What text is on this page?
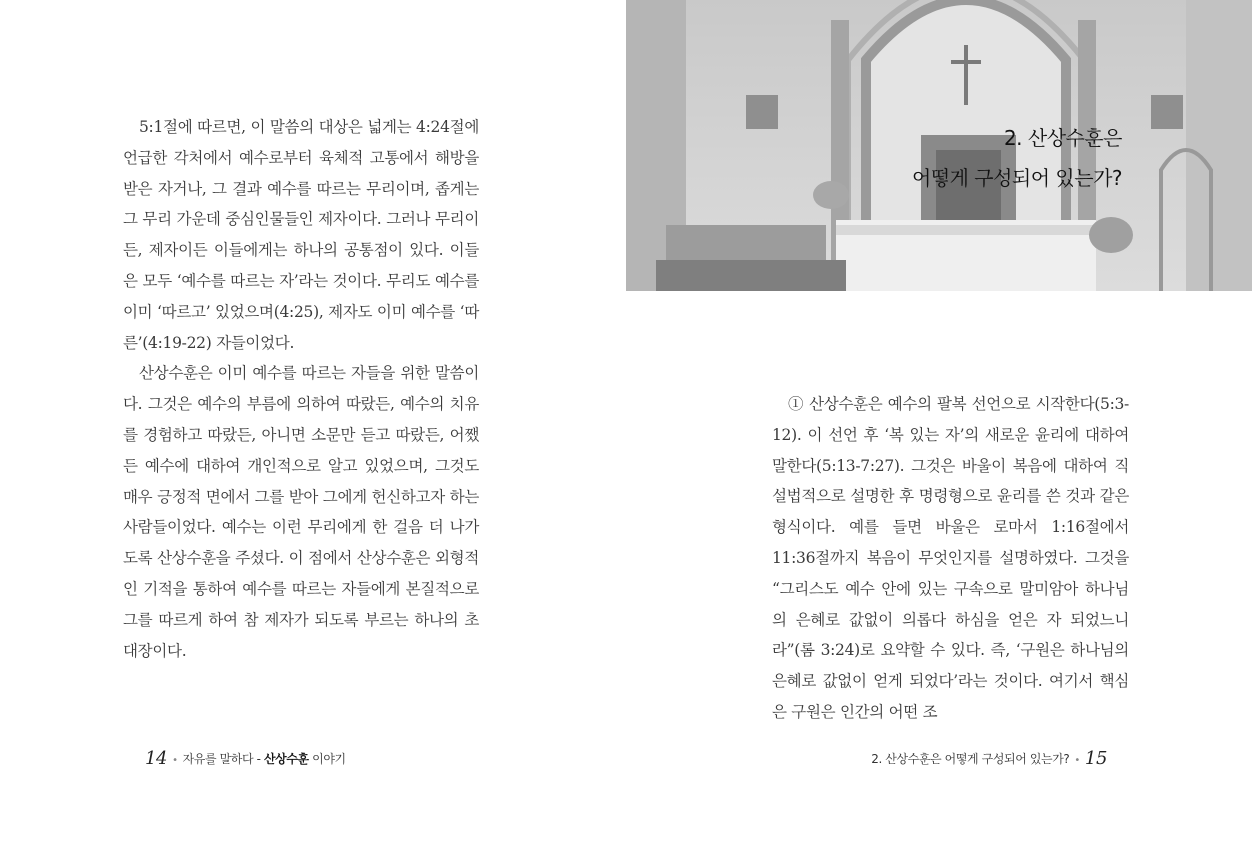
5:1절에 따르면, 이 말씀의 대상은 넓게는 4:24절에 언급한 각처에서 예수로부터 육체적 고통에서 해방을 받은 자거나, 그 결과 예수를 따르는 무리이며, 좁게는 그 무리 가운데 중심인물들인 제자이다. 그러나 무리이든, 제자이든 이들에게는 하나의 공통점이 있다. 이들은 모두 ‘예수를 따르는 자’라는 것이다. 무리도 예수를 이미 ‘따르고’ 있었으며(4:25), 제자도 이미 예수를 ‘따른’(4:19-22) 자들이었다.

산상수훈은 이미 예수를 따르는 자들을 위한 말씀이다. 그것은 예수의 부름에 의하여 따랐든, 예수의 치유를 경험하고 따랐든, 아니면 소문만 듣고 따랐든, 어쨌든 예수에 대하여 개인적으로 알고 있었으며, 그것도 매우 긍정적 면에서 그를 받아 그에게 헌신하고자 하는 사람들이었다. 예수는 이런 무리에게 한 걸음 더 나가도록 산상수훈을 주셨다. 이 점에서 산상수훈은 외형적인 기적을 통하여 예수를 따르는 자들에게 본질적으로 그를 따르게 하여 참 제자가 되도록 부르는 하나의 초대장이다.

14 • 자유를 말하다 - 산상수훈 이야기
2. 산상수훈은
어떻게 구성되어 있는가?

① 산상수훈은 예수의 팔복 선언으로 시작한다(5:3-12). 이 선언 후 ‘복 있는 자’의 새로운 윤리에 대하여 말한다(5:13-7:27). 그것은 바울이 복음에 대하여 직설법적으로 설명한 후 명령형으로 윤리를 쓴 것과 같은 형식이다. 예를 들면 바울은 로마서 1:16절에서 11:36절까지 복음이 무엇인지를 설명하였다. 그것을 “그리스도 예수 안에 있는 구속으로 말미암아 하나님의 은혜로 값없이 의롭다 하심을 얻은 자 되었느니라”(롬 3:24)로 요약할 수 있다. 즉, ‘구원은 하나님의 은혜로 값없이 얻게 되었다’라는 것이다. 여기서 핵심은 구원은 인간의 어떤 조

2. 산상수훈은 어떻게 구성되어 있는가? • 15
